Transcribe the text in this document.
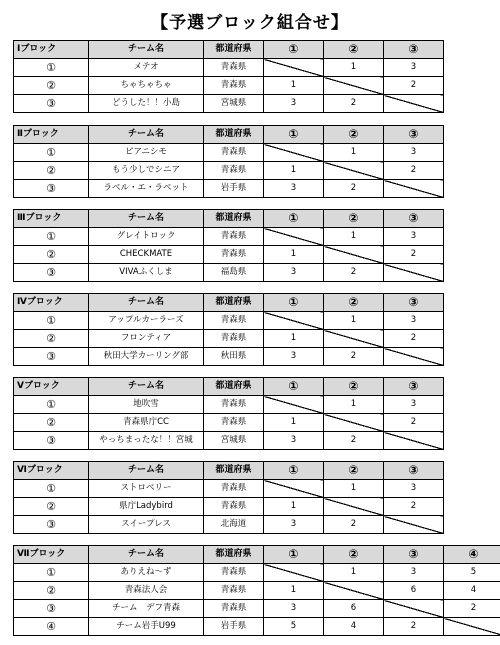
【予選ブロック組合せ】
Ⅰブロック	チーム名	都道府県	①	②	③
①	メテオ	青森県		1	3
②	ちゃちゃちゃ	青森県	1		2
③	どうした！！小島	宮城県	3	2	
Ⅱブロック	チーム名	都道府県	①	②	③
①	ピアニシモ	青森県		1	3
②	もう少しでシニア	青森県	1		2
③	ラベル・エ・ラベット	岩手県	3	2	
Ⅲブロック	チーム名	都道府県	①	②	③
①	グレイトロック	青森県		1	3
②	CHECKMATE	青森県	1		2
③	VIVAふくしま	福島県	3	2	
Ⅳブロック	チーム名	都道府県	①	②	③
①	アップルカーラーズ	青森県		1	3
②	フロンティア	青森県	1		2
③	秋田大学カーリング部	秋田県	3	2	
Ⅴブロック	チーム名	都道府県	①	②	③
①	地吹雪	青森県		1	3
②	青森県庁CC	青森県	1		2
③	やっちまったな！！宮城	宮城県	3	2	
Ⅵブロック	チーム名	都道府県	①	②	③
①	ストロベリー	青森県		1	3
②	県庁Ladybird	青森県	1		2
③	スイープレス	北海道	3	2	
Ⅶブロック	チーム名	都道府県	①	②	③	④
①	ありえね～ず	青森県		1	3	5
②	青森法人会	青森県	1		6	4
③	チーム　デフ青森	青森県	3	6		2
④	チーム岩手U99	岩手県	5	4	2	
